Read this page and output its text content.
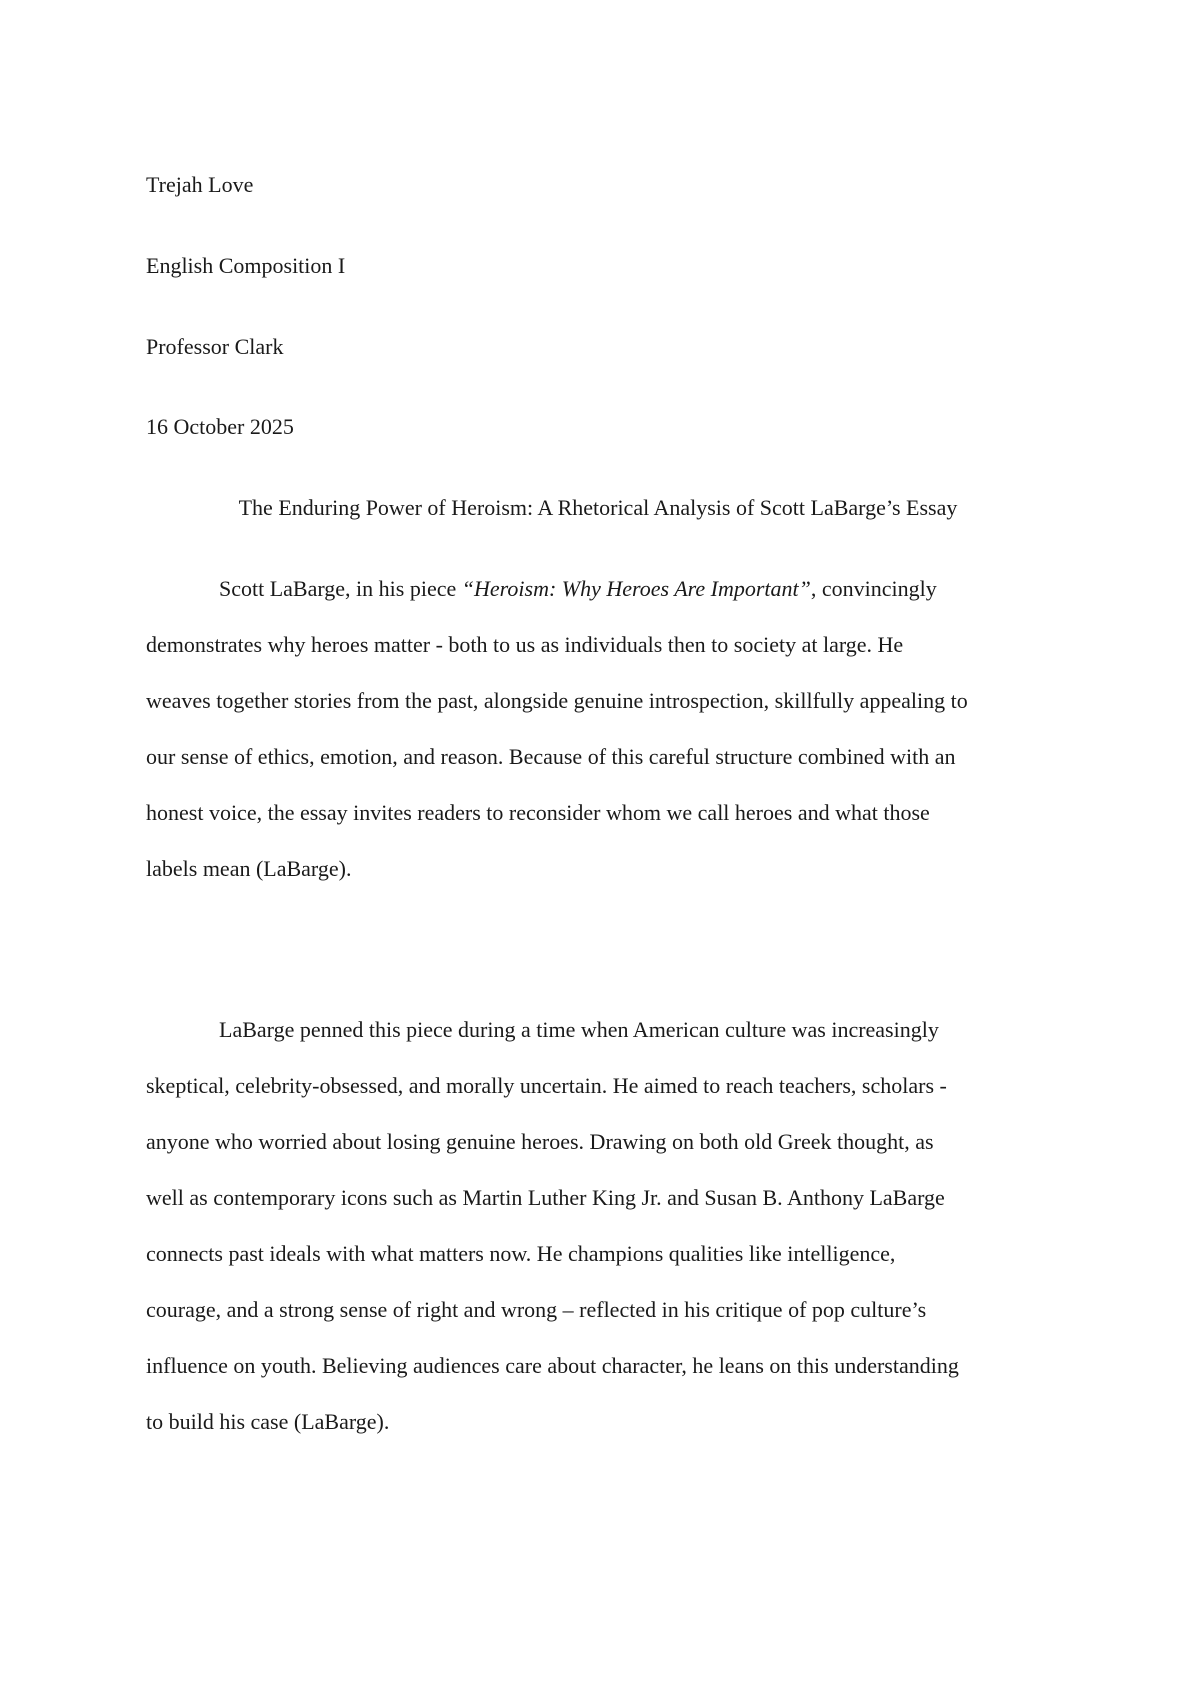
Trejah Love
English Composition I
Professor Clark
16 October 2025
The Enduring Power of Heroism: A Rhetorical Analysis of Scott LaBarge’s Essay
Scott LaBarge, in his piece “Heroism: Why Heroes Are Important”, convincingly
demonstrates why heroes matter - both to us as individuals then to society at large. He
weaves together stories from the past, alongside genuine introspection, skillfully appealing to
our sense of ethics, emotion, and reason. Because of this careful structure combined with an
honest voice, the essay invites readers to reconsider whom we call heroes and what those
labels mean (LaBarge).
LaBarge penned this piece during a time when American culture was increasingly
skeptical, celebrity-obsessed, and morally uncertain. He aimed to reach teachers, scholars -
anyone who worried about losing genuine heroes. Drawing on both old Greek thought, as
well as contemporary icons such as Martin Luther King Jr. and Susan B. Anthony LaBarge
connects past ideals with what matters now. He champions qualities like intelligence,
courage, and a strong sense of right and wrong – reflected in his critique of pop culture’s
influence on youth. Believing audiences care about character, he leans on this understanding
to build his case (LaBarge).
